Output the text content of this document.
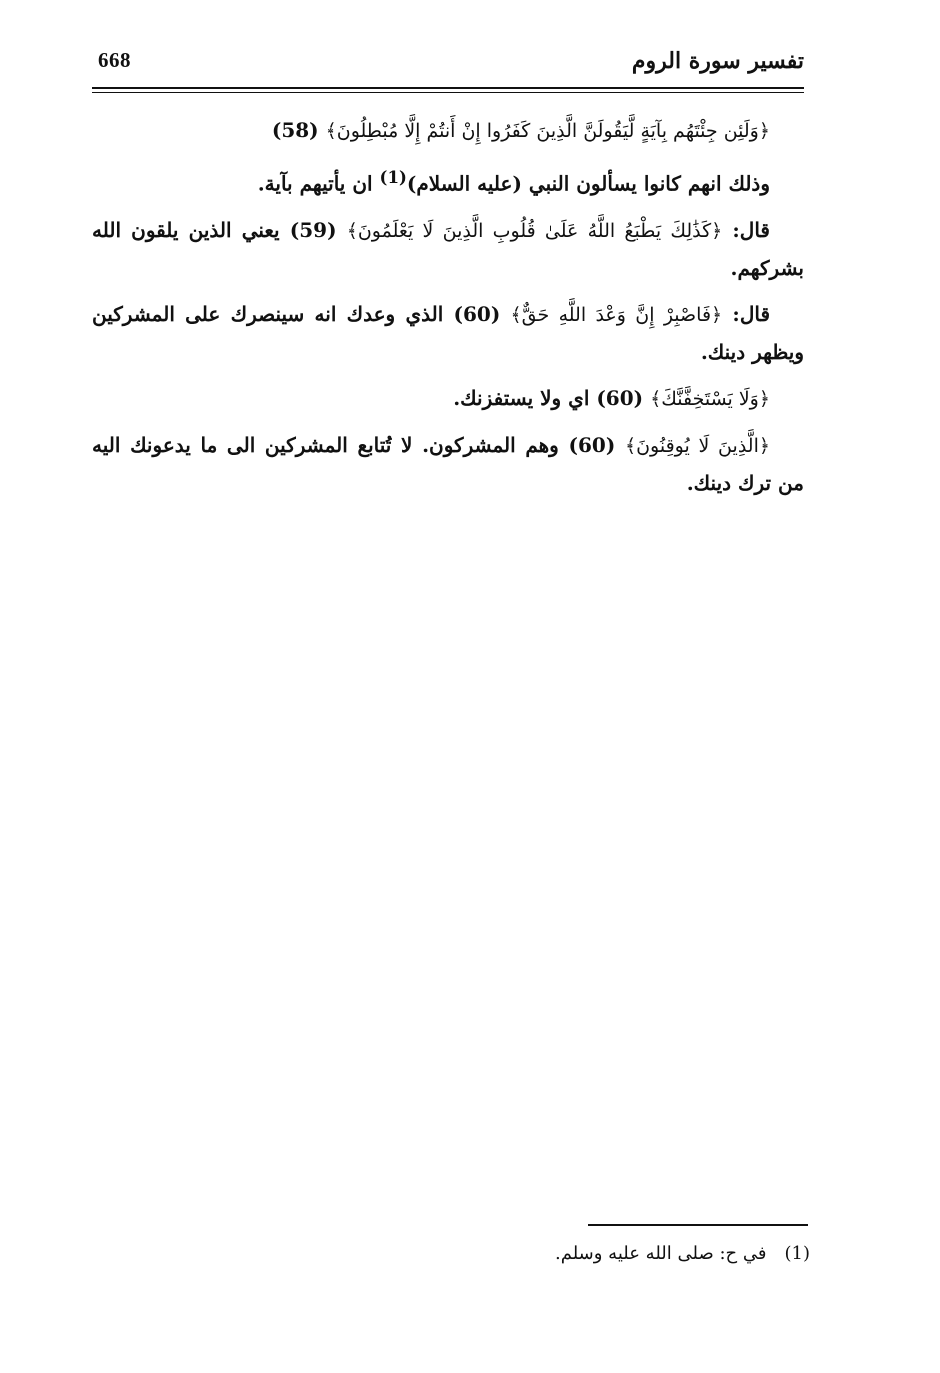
668	تفسير سورة الروم

﴿وَلَئِن جِئْتَهُم بِآيَةٍ لَّيَقُولَنَّ الَّذِينَ كَفَرُوا إِنْ أَنتُمْ إِلَّا مُبْطِلُونَ﴾ (58)

وذلك انهم كانوا يسألون النبي (عليه السلام)$^{(1)}$ ان يأتيهم بآية.

قال: ﴿كَذَٰلِكَ يَطْبَعُ اللَّهُ عَلَىٰ قُلُوبِ الَّذِينَ لَا يَعْلَمُونَ﴾ (59) يعني الذين يلقون الله بشركهم.

قال: ﴿فَاصْبِرْ إِنَّ وَعْدَ اللَّهِ حَقٌّ﴾ (60) الذي وعدك انه سينصرك على المشركين ويظهر دينك.

﴿وَلَا يَسْتَخِفَّنَّكَ﴾ (60) اي ولا يستفزنك.

﴿الَّذِينَ لَا يُوقِنُونَ﴾ (60) وهم المشركون. لا تُتابع المشركين الى ما يدعونك اليه من ترك دينك.

(1)في ح: صلى الله عليه وسلم.
